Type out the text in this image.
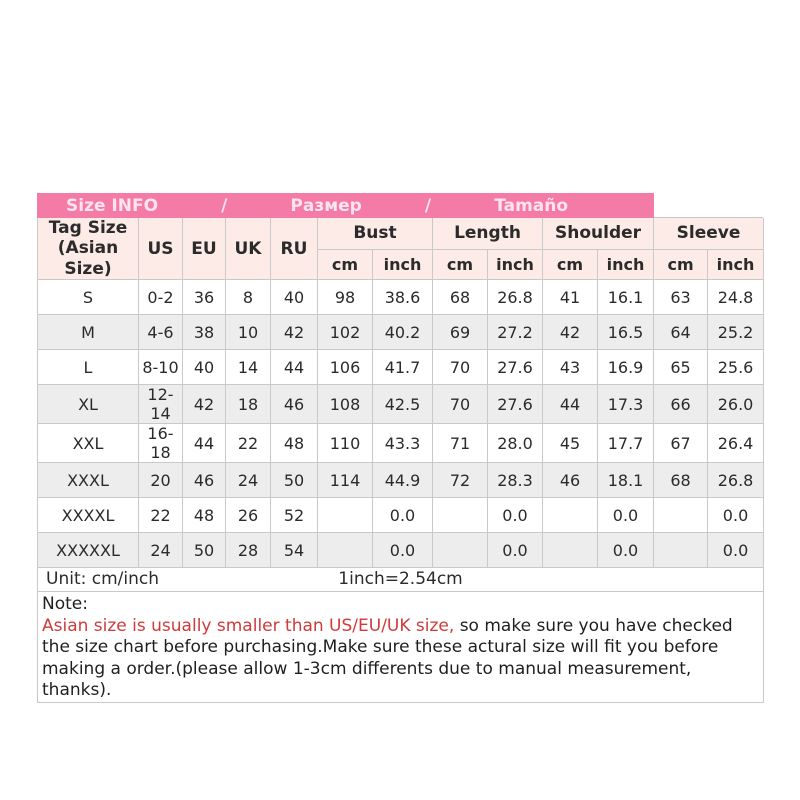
Size INFO / Размер / Tamaño												

Tag Size
(Asian Size)	US	EU	UK	RU	Bust		Length		Shoulder		Sleeve	
					cm	inch	cm	inch	cm	inch	cm	inch
S	0-2	36	8	40	98	38.6	68	26.8	41	16.1	63	24.8
M	4-6	38	10	42	102	40.2	69	27.2	42	16.5	64	25.2
L	8-10	40	14	44	106	41.7	70	27.6	43	16.9	65	25.6
XL	12-14	42	18	46	108	42.5	70	27.6	44	17.3	66	26.0
XXL	16-18	44	22	48	110	43.3	71	28.0	45	17.7	67	26.4
XXXL	20	46	24	50	114	44.9	72	28.3	46	18.1	68	26.8
XXXXL	22	48	26	52		0.0		0.0		0.0		0.0
XXXXXL	24	50	28	54		0.0		0.0		0.0		0.0

1inch=2.54cm
Unit: cm/inch												

Note:
Asian size is usually smaller than US/EU/UK size, so make sure you have checked the size chart before purchasing.Make sure these actural size will fit you before making a order.(please allow 1-3cm differents due to manual measurement, thanks).												
